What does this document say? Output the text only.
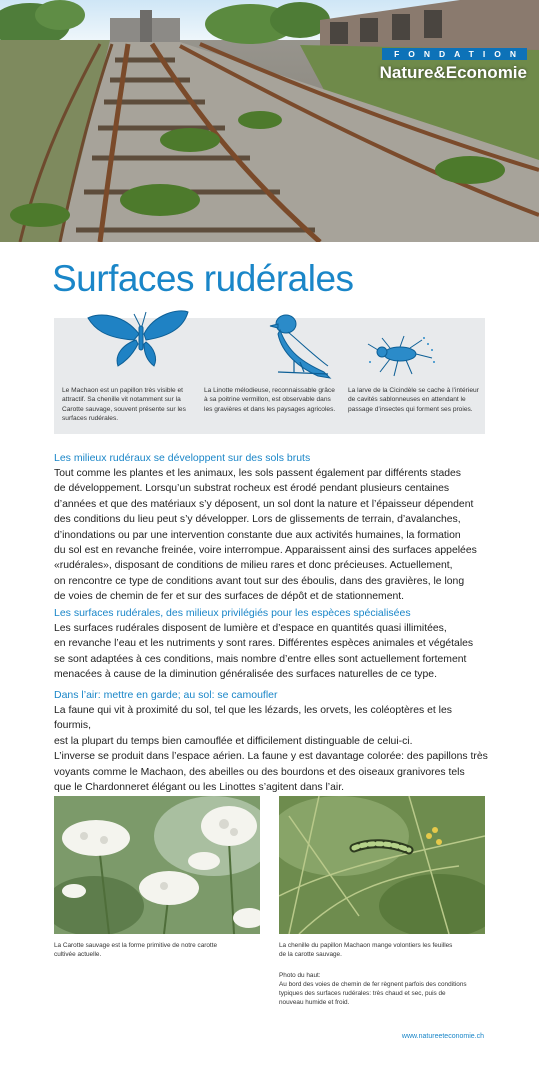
FONDATION
Nature&Economie
Surfaces rudérales
Le Machaon est un papillon très visible et attractif. Sa chenille vit notamment sur la Carotte sauvage, souvent présente sur les surfaces rudérales.
La Linotte mélodieuse, reconnaissable grâce à sa poitrine vermillon, est observable dans les gravières et dans les paysages agricoles.
La larve de la Cicindèle se cache à l’intérieur de cavités sablonneuses en attendant le passage d’insectes qui forment ses proies.
Les milieux rudéraux se développent sur des sols bruts

Tout comme les plantes et les animaux, les sols passent également par différents stades
de développement. Lorsqu’un substrat rocheux est érodé pendant plusieurs centaines
d’années et que des matériaux s’y déposent, un sol dont la nature et l’épaisseur dépendent
des conditions du lieu peut s’y développer. Lors de glissements de terrain, d’avalanches,
d’inondations ou par une intervention constante due aux activités humaines, la formation
du sol est en revanche freinée, voire interrompue. Apparaissent ainsi des surfaces appelées
«rudérales», disposant de conditions de milieu rares et donc précieuses. Actuellement,
on rencontre ce type de conditions avant tout sur des éboulis, dans des gravières, le long
de voies de chemin de fer et sur des surfaces de dépôt et de stationnement.

Les surfaces rudérales, des milieux privilégiés pour les espèces spécialisées

Les surfaces rudérales disposent de lumière et d’espace en quantités quasi illimitées,
en revanche l’eau et les nutriments y sont rares. Différentes espèces animales et végétales
se sont adaptées à ces conditions, mais nombre d’entre elles sont actuellement fortement
menacées à cause de la diminution généralisée des surfaces naturelles de ce type.

Dans l’air: mettre en garde; au sol: se camoufler

La faune qui vit à proximité du sol, tel que les lézards, les orvets, les coléoptères et les fourmis,
est la plupart du temps bien camouflée et difficilement distinguable de celui-ci.
L’inverse se produit dans l’espace aérien. La faune y est davantage colorée: des papillons très
voyants comme le Machaon, des abeilles ou des bourdons et des oiseaux granivores tels
que le Chardonneret élégant ou les Linottes s’agitent dans l’air.

La Carotte sauvage est la forme primitive de notre carotte
cultivée actuelle.
La chenille du papillon Machaon mange volontiers les feuilles
de la carotte sauvage.
Photo du haut:
Au bord des voies de chemin de fer règnent parfois des conditions
typiques des surfaces rudérales: très chaud et sec, puis de
nouveau humide et froid.
www.natureeteconomie.ch
